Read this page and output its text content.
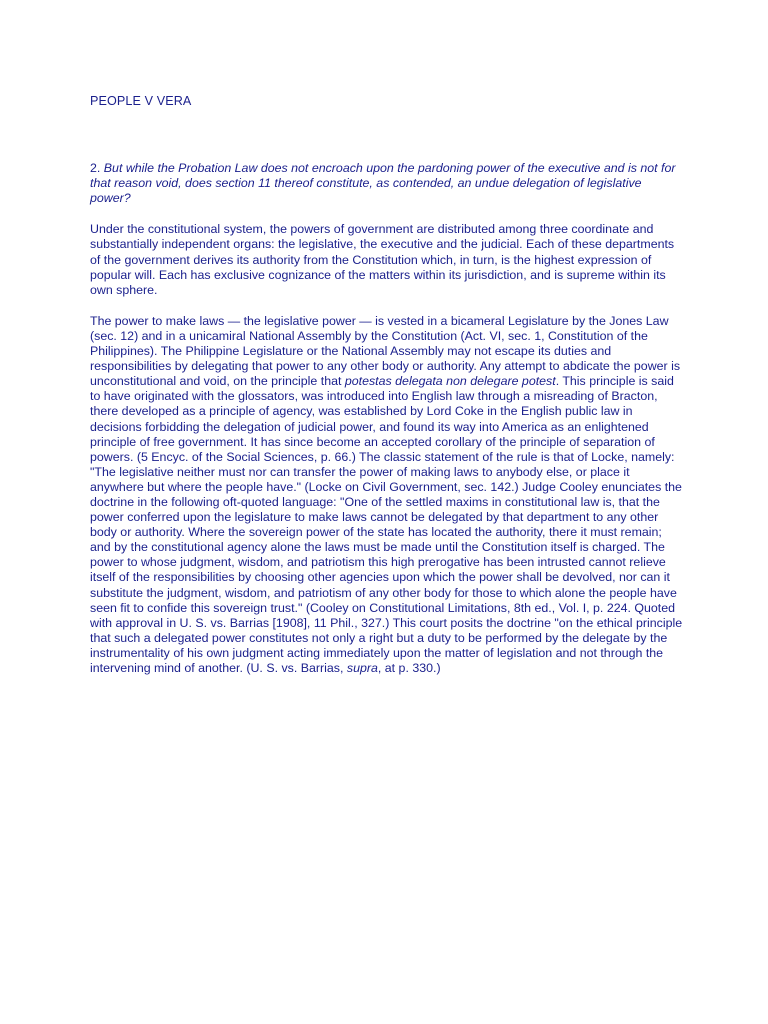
PEOPLE V VERA

2. But while the Probation Law does not encroach upon the pardoning power of the executive and is not for that reason void, does section 11 thereof constitute, as contended, an undue delegation of legislative power?

Under the constitutional system, the powers of government are distributed among three coordinate and substantially independent organs: the legislative, the executive and the judicial. Each of these departments of the government derives its authority from the Constitution which, in turn, is the highest expression of popular will. Each has exclusive cognizance of the matters within its jurisdiction, and is supreme within its own sphere.

The power to make laws — the legislative power — is vested in a bicameral Legislature by the Jones Law (sec. 12) and in a unicamiral National Assembly by the Constitution (Act. VI, sec. 1, Constitution of the Philippines). The Philippine Legislature or the National Assembly may not escape its duties and responsibilities by delegating that power to any other body or authority. Any attempt to abdicate the power is unconstitutional and void, on the principle that potestas delegata non delegare potest. This principle is said to have originated with the glossators, was introduced into English law through a misreading of Bracton, there developed as a principle of agency, was established by Lord Coke in the English public law in decisions forbidding the delegation of judicial power, and found its way into America as an enlightened principle of free government. It has since become an accepted corollary of the principle of separation of powers. (5 Encyc. of the Social Sciences, p. 66.) The classic statement of the rule is that of Locke, namely: "The legislative neither must nor can transfer the power of making laws to anybody else, or place it anywhere but where the people have." (Locke on Civil Government, sec. 142.) Judge Cooley enunciates the doctrine in the following oft-quoted language: "One of the settled maxims in constitutional law is, that the power conferred upon the legislature to make laws cannot be delegated by that department to any other body or authority. Where the sovereign power of the state has located the authority, there it must remain; and by the constitutional agency alone the laws must be made until the Constitution itself is charged. The power to whose judgment, wisdom, and patriotism this high prerogative has been intrusted cannot relieve itself of the responsibilities by choosing other agencies upon which the power shall be devolved, nor can it substitute the judgment, wisdom, and patriotism of any other body for those to which alone the people have seen fit to confide this sovereign trust." (Cooley on Constitutional Limitations, 8th ed., Vol. I, p. 224. Quoted with approval in U. S. vs. Barrias [1908], 11 Phil., 327.) This court posits the doctrine "on the ethical principle that such a delegated power constitutes not only a right but a duty to be performed by the delegate by the instrumentality of his own judgment acting immediately upon the matter of legislation and not through the intervening mind of another. (U. S. vs. Barrias, supra, at p. 330.)
